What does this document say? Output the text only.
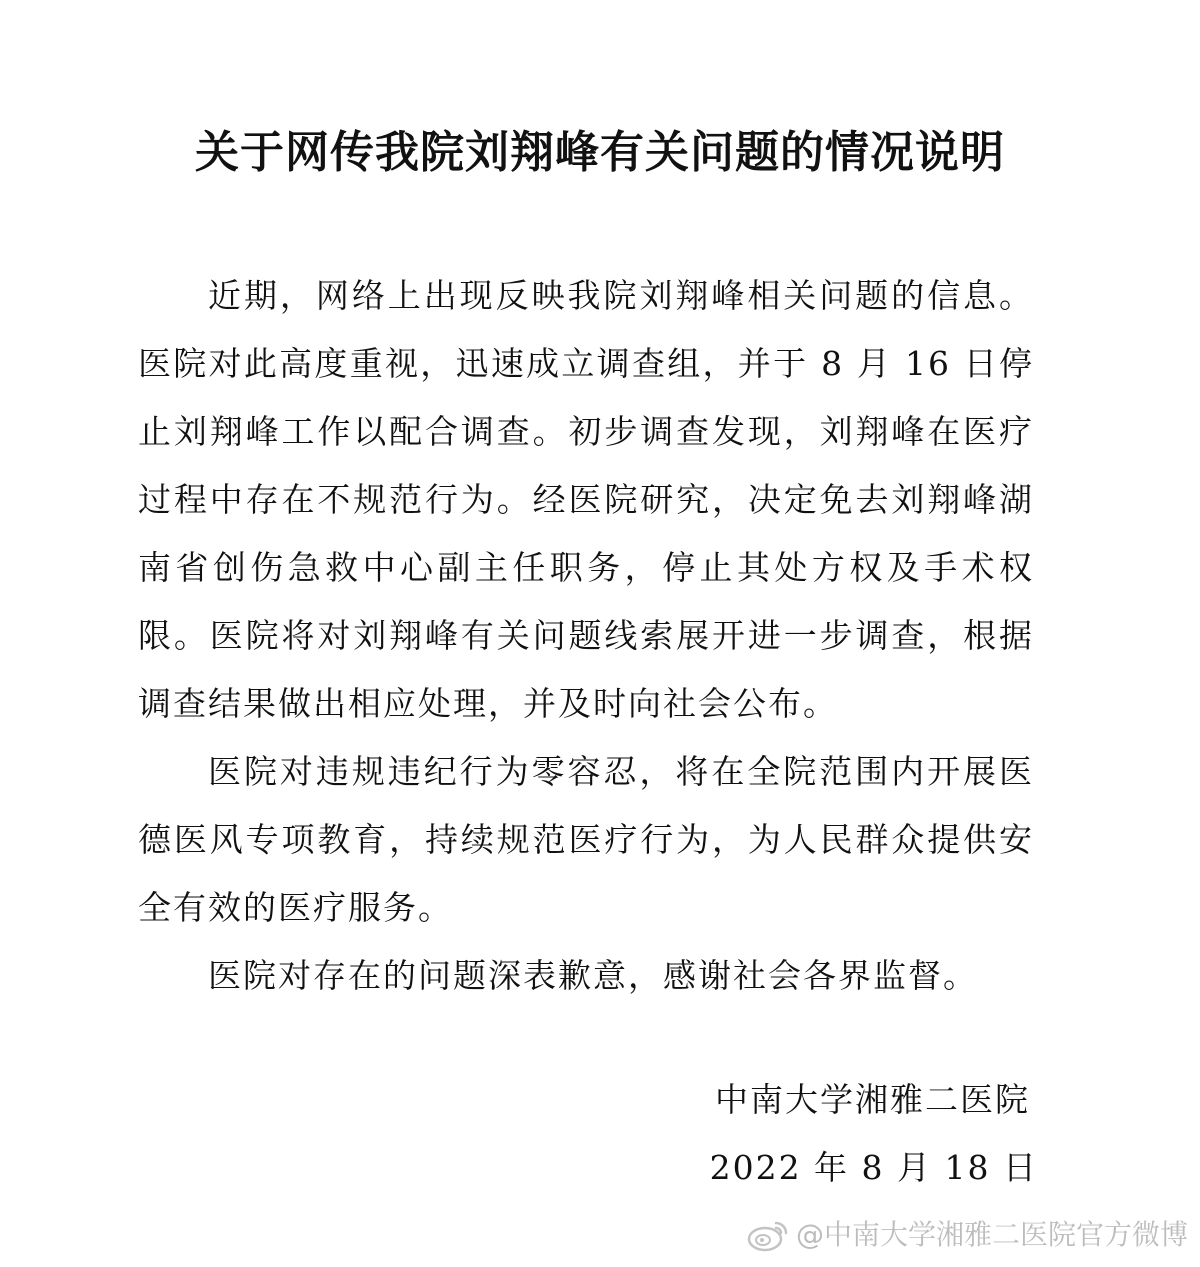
关于网传我院刘翔峰有关问题的情况说明

近期，网络上出现反映我院刘翔峰相关问题的信息。医院对此高度重视，迅速成立调查组，并于 8 月 16 日停止刘翔峰工作以配合调查。初步调查发现，刘翔峰在医疗过程中存在不规范行为。经医院研究，决定免去刘翔峰湖南省创伤急救中心副主任职务，停止其处方权及手术权限。医院将对刘翔峰有关问题线索展开进一步调查，根据调查结果做出相应处理，并及时向社会公布。

医院对违规违纪行为零容忍，将在全院范围内开展医德医风专项教育，持续规范医疗行为，为人民群众提供安全有效的医疗服务。

医院对存在的问题深表歉意，感谢社会各界监督。

中南大学湘雅二医院
2022 年 8 月 18 日
@中南大学湘雅二医院官方微博
